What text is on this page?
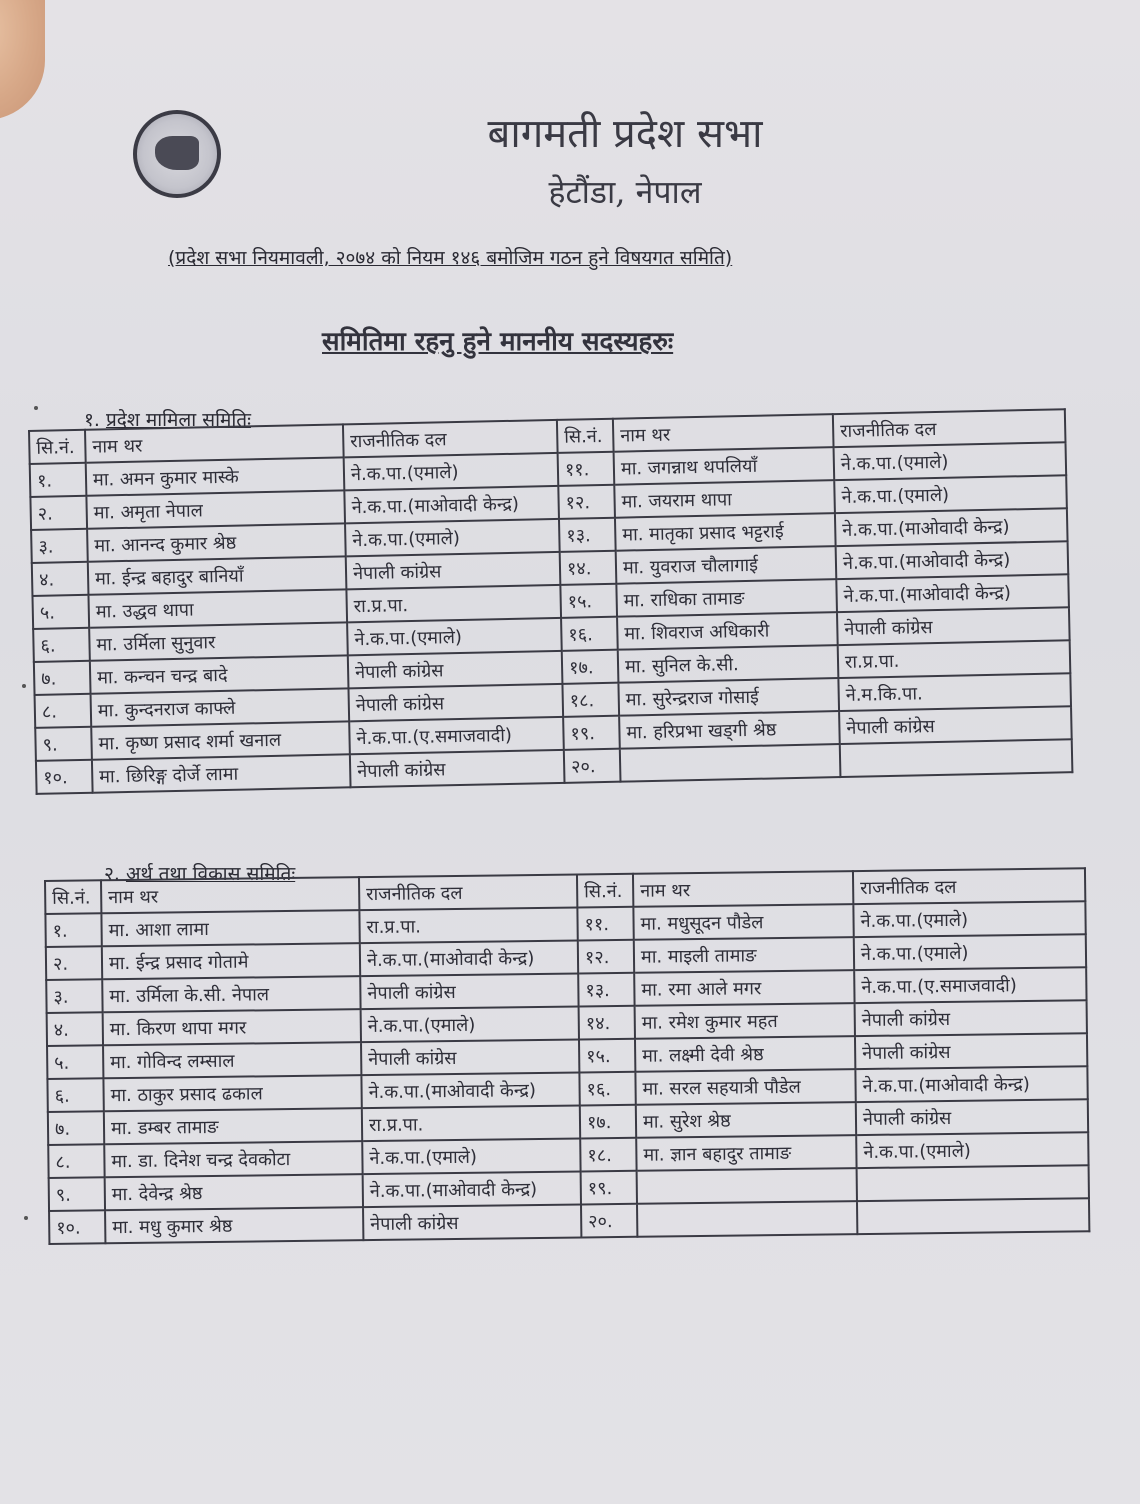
बागमती प्रदेश सभा
हेटौंडा, नेपाल
(प्रदेश सभा नियमावली, २०७४ को नियम १४६ बमोजिम गठन हुने विषयगत समिति)
समितिमा रहनु हुने माननीय सदस्यहरुः
१. प्रदेश मामिला समितिः
सि.नं.	नाम थर	राजनीतिक दल	सि.नं.	नाम थर	राजनीतिक दल
१.	मा. अमन कुमार मास्के	ने.क.पा.(एमाले)	११.	मा. जगन्नाथ थपलियाँ	ने.क.पा.(एमाले)
२.	मा. अमृता नेपाल	ने.क.पा.(माओवादी केन्द्र)	१२.	मा. जयराम थापा	ने.क.पा.(एमाले)
३.	मा. आनन्द कुमार श्रेष्ठ	ने.क.पा.(एमाले)	१३.	मा. मातृका प्रसाद भट्टराई	ने.क.पा.(माओवादी केन्द्र)
४.	मा. ईन्द्र बहादुर बानियाँ	नेपाली कांग्रेस	१४.	मा. युवराज चौलागाई	ने.क.पा.(माओवादी केन्द्र)
५.	मा. उद्धव थापा	रा.प्र.पा.	१५.	मा. राधिका तामाङ	ने.क.पा.(माओवादी केन्द्र)
६.	मा. उर्मिला सुनुवार	ने.क.पा.(एमाले)	१६.	मा. शिवराज अधिकारी	नेपाली कांग्रेस
७.	मा. कन्चन चन्द्र बादे	नेपाली कांग्रेस	१७.	मा. सुनिल के.सी.	रा.प्र.पा.
८.	मा. कुन्दनराज काफ्ले	नेपाली कांग्रेस	१८.	मा. सुरेन्द्रराज गोसाई	ने.म.कि.पा.
९.	मा. कृष्ण प्रसाद शर्मा खनाल	ने.क.पा.(ए.समाजवादी)	१९.	मा. हरिप्रभा खड्गी श्रेष्ठ	नेपाली कांग्रेस
१०.	मा. छिरिङ्ग दोर्जे लामा	नेपाली कांग्रेस	२०.		
२. अर्थ तथा विकास समितिः
सि.नं.	नाम थर	राजनीतिक दल	सि.नं.	नाम थर	राजनीतिक दल
१.	मा. आशा लामा	रा.प्र.पा.	११.	मा. मधुसूदन पौडेल	ने.क.पा.(एमाले)
२.	मा. ईन्द्र प्रसाद गोतामे	ने.क.पा.(माओवादी केन्द्र)	१२.	मा. माइली तामाङ	ने.क.पा.(एमाले)
३.	मा. उर्मिला के.सी. नेपाल	नेपाली कांग्रेस	१३.	मा. रमा आले मगर	ने.क.पा.(ए.समाजवादी)
४.	मा. किरण थापा मगर	ने.क.पा.(एमाले)	१४.	मा. रमेश कुमार महत	नेपाली कांग्रेस
५.	मा. गोविन्द लम्साल	नेपाली कांग्रेस	१५.	मा. लक्ष्मी देवी श्रेष्ठ	नेपाली कांग्रेस
६.	मा. ठाकुर प्रसाद ढकाल	ने.क.पा.(माओवादी केन्द्र)	१६.	मा. सरल सहयात्री पौडेल	ने.क.पा.(माओवादी केन्द्र)
७.	मा. डम्बर तामाङ	रा.प्र.पा.	१७.	मा. सुरेश श्रेष्ठ	नेपाली कांग्रेस
८.	मा. डा. दिनेश चन्द्र देवकोटा	ने.क.पा.(एमाले)	१८.	मा. ज्ञान बहादुर तामाङ	ने.क.पा.(एमाले)
९.	मा. देवेन्द्र श्रेष्ठ	ने.क.पा.(माओवादी केन्द्र)	१९.		
१०.	मा. मधु कुमार श्रेष्ठ	नेपाली कांग्रेस	२०.		
